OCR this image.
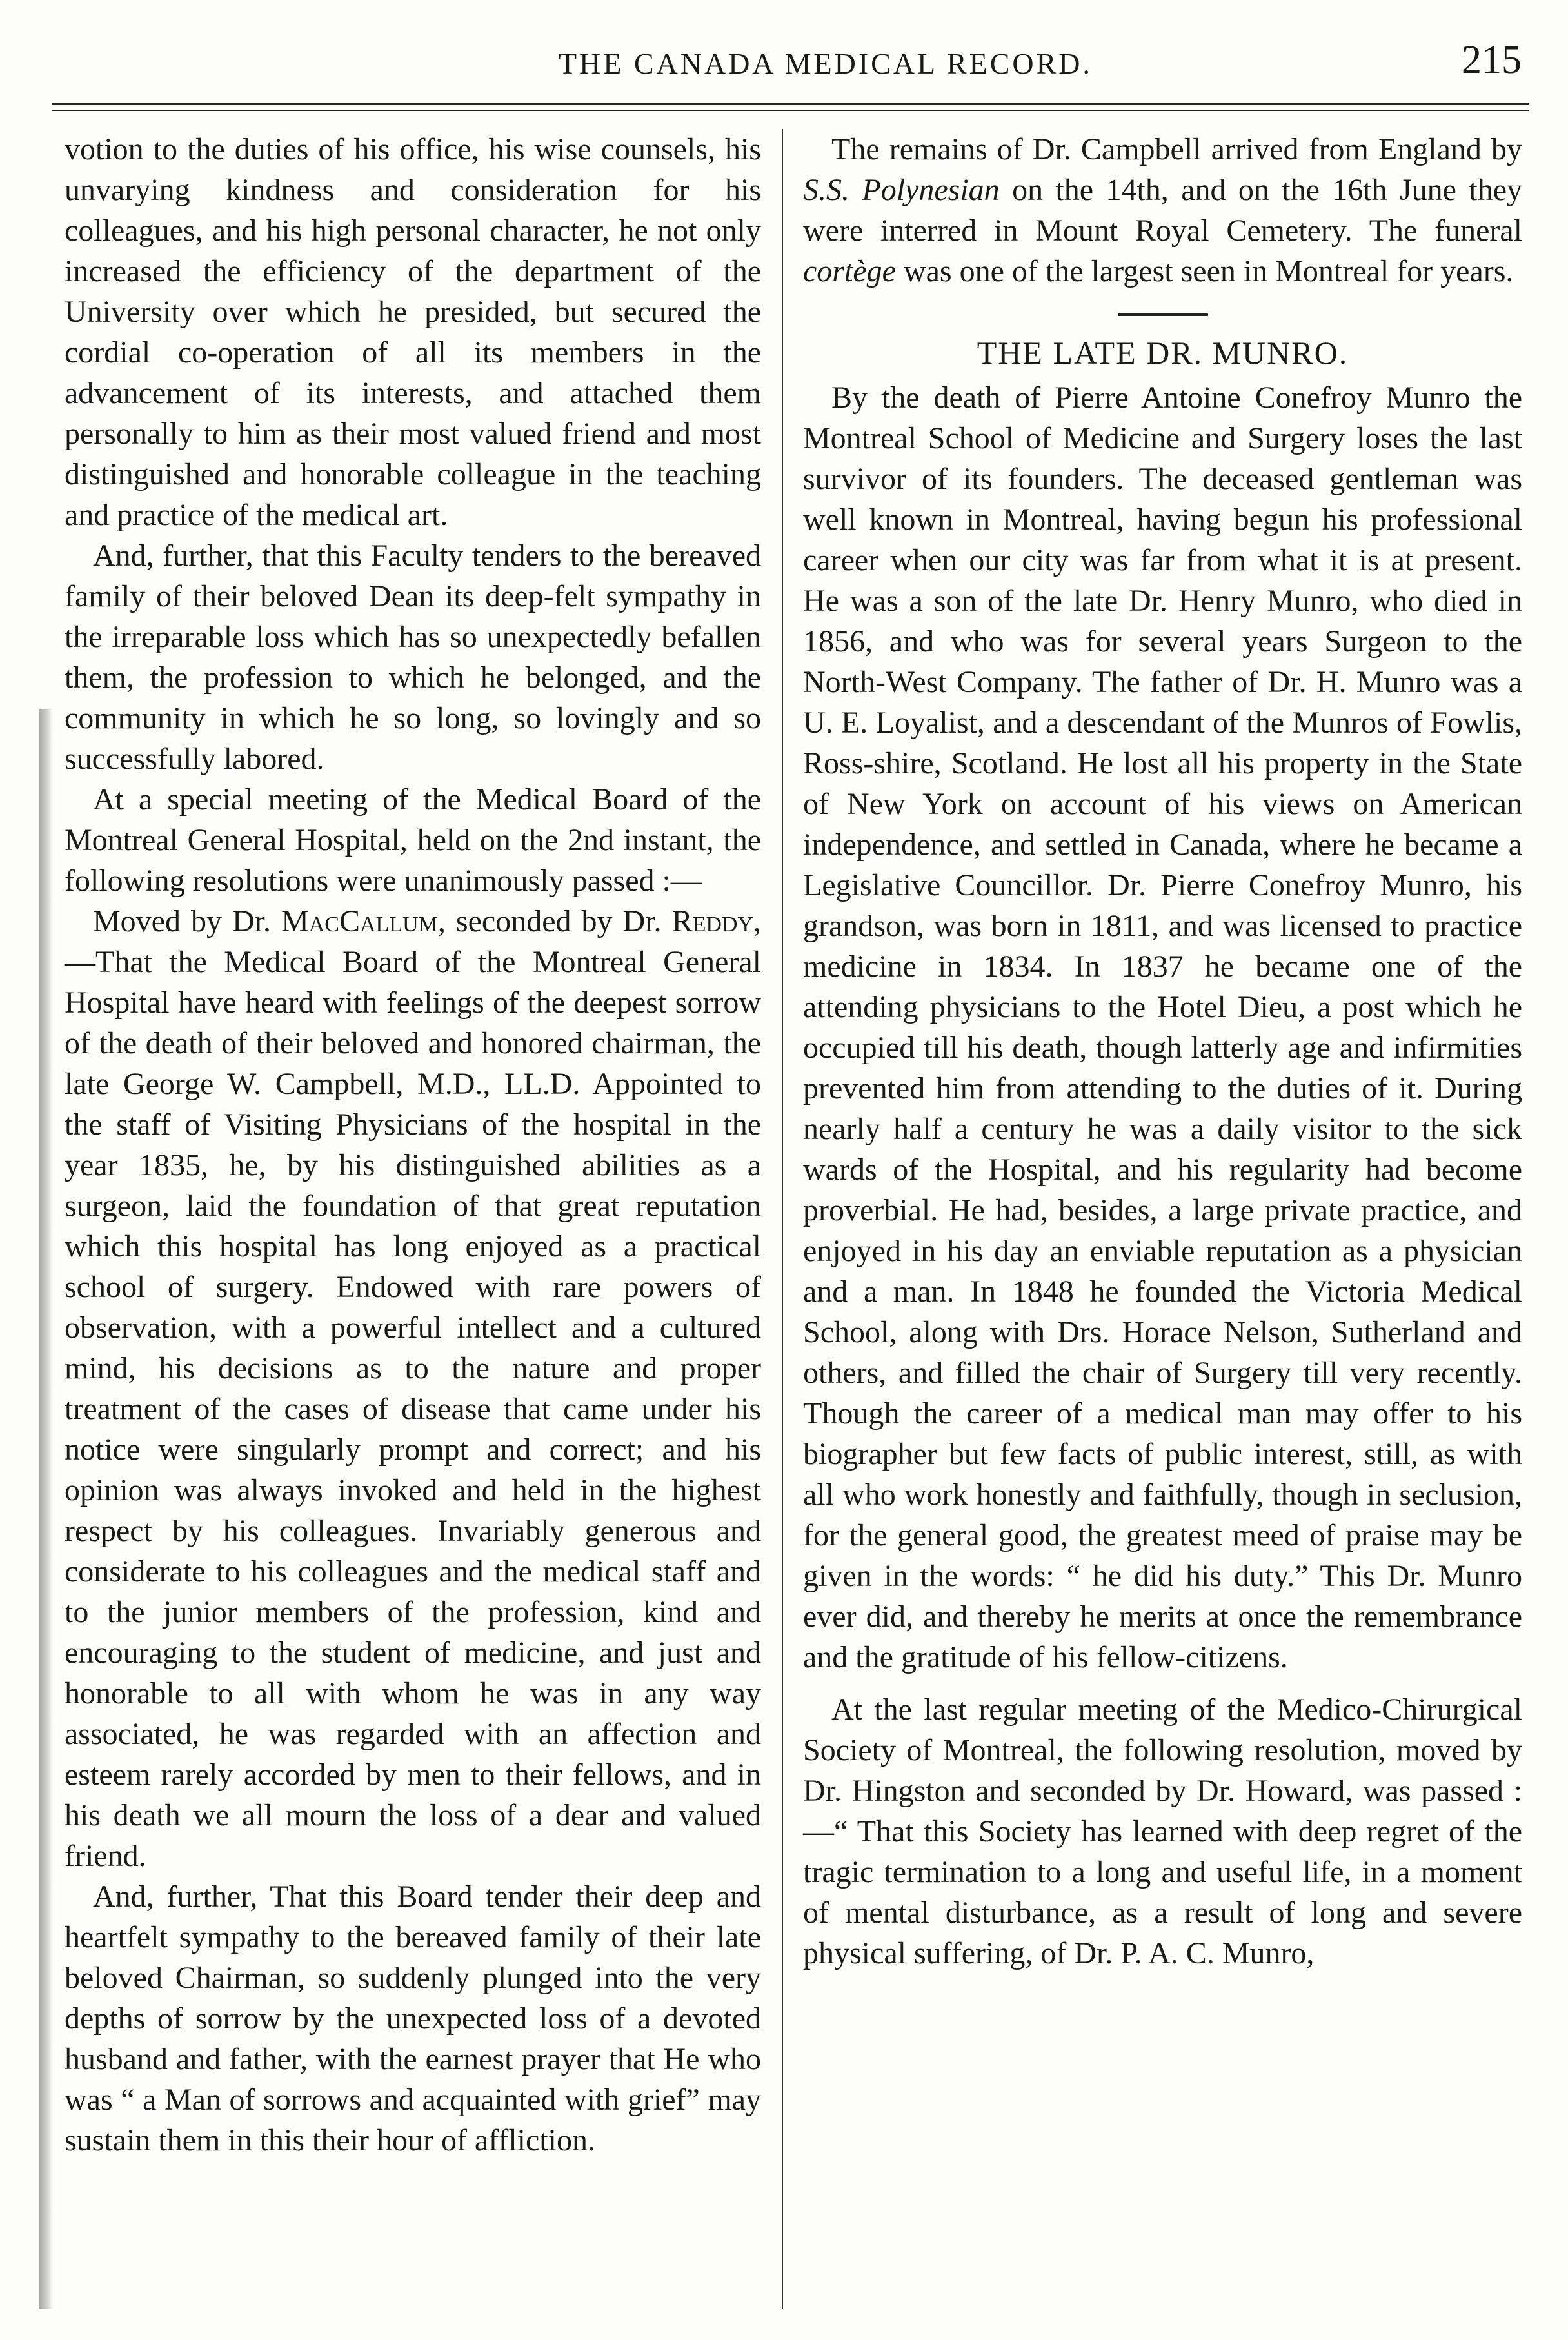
THE CANADA MEDICAL RECORD.	215

votion to the duties of his office, his wise counsels, his unvarying kindness and consideration for his colleagues, and his high personal character, he not only increased the efficiency of the department of the University over which he presided, but secured the cordial co-operation of all its members in the advancement of its interests, and attached them personally to him as their most valued friend and most distinguished and honorable colleague in the teaching and practice of the medical art.

And, further, that this Faculty tenders to the bereaved family of their beloved Dean its deep-felt sympathy in the irreparable loss which has so unexpectedly befallen them, the profession to which he belonged, and the community in which he so long, so lovingly and so successfully labored.

At a special meeting of the Medical Board of the Montreal General Hospital, held on the 2nd instant, the following resolutions were unanimously passed :—

Moved by Dr. MacCallum, seconded by Dr. Reddy,—That the Medical Board of the Montreal General Hospital have heard with feelings of the deepest sorrow of the death of their beloved and honored chairman, the late George W. Campbell, M.D., LL.D. Appointed to the staff of Visiting Physicians of the hospital in the year 1835, he, by his distinguished abilities as a surgeon, laid the foundation of that great reputation which this hospital has long enjoyed as a practical school of surgery. Endowed with rare powers of observation, with a powerful intellect and a cultured mind, his decisions as to the nature and proper treatment of the cases of disease that came under his notice were singularly prompt and correct; and his opinion was always invoked and held in the highest respect by his colleagues. Invariably generous and considerate to his colleagues and the medical staff and to the junior members of the profession, kind and encouraging to the student of medicine, and just and honorable to all with whom he was in any way associated, he was regarded with an affection and esteem rarely accorded by men to their fellows, and in his death we all mourn the loss of a dear and valued friend.

And, further, That this Board tender their deep and heartfelt sympathy to the bereaved family of their late beloved Chairman, so suddenly plunged into the very depths of sorrow by the unexpected loss of a devoted husband and father, with the earnest prayer that He who was “ a Man of sorrows and acquainted with grief” may sustain them in this their hour of affliction.

The remains of Dr. Campbell arrived from England by S.S. Polynesian on the 14th, and on the 16th June they were interred in Mount Royal Cemetery. The funeral cortège was one of the largest seen in Montreal for years.

THE LATE DR. MUNRO.

By the death of Pierre Antoine Conefroy Munro the Montreal School of Medicine and Surgery loses the last survivor of its founders. The deceased gentleman was well known in Montreal, having begun his professional career when our city was far from what it is at present. He was a son of the late Dr. Henry Munro, who died in 1856, and who was for several years Surgeon to the North-West Company. The father of Dr. H. Munro was a U. E. Loyalist, and a descendant of the Munros of Fowlis, Ross-shire, Scotland. He lost all his property in the State of New York on account of his views on American independence, and settled in Canada, where he became a Legislative Councillor. Dr. Pierre Conefroy Munro, his grandson, was born in 1811, and was licensed to practice medicine in 1834. In 1837 he became one of the attending physicians to the Hotel Dieu, a post which he occupied till his death, though latterly age and infirmities prevented him from attending to the duties of it. During nearly half a century he was a daily visitor to the sick wards of the Hospital, and his regularity had become proverbial. He had, besides, a large private practice, and enjoyed in his day an enviable reputation as a physician and a man. In 1848 he founded the Victoria Medical School, along with Drs. Horace Nelson, Sutherland and others, and filled the chair of Surgery till very recently. Though the career of a medical man may offer to his biographer but few facts of public interest, still, as with all who work honestly and faithfully, though in seclusion, for the general good, the greatest meed of praise may be given in the words: “ he did his duty.” This Dr. Munro ever did, and thereby he merits at once the remembrance and the gratitude of his fellow-citizens.

At the last regular meeting of the Medico-Chirurgical Society of Montreal, the following resolution, moved by Dr. Hingston and seconded by Dr. Howard, was passed : —“ That this Society has learned with deep regret of the tragic termination to a long and useful life, in a moment of mental disturbance, as a result of long and severe physical suffering, of Dr. P. A. C. Munro,
